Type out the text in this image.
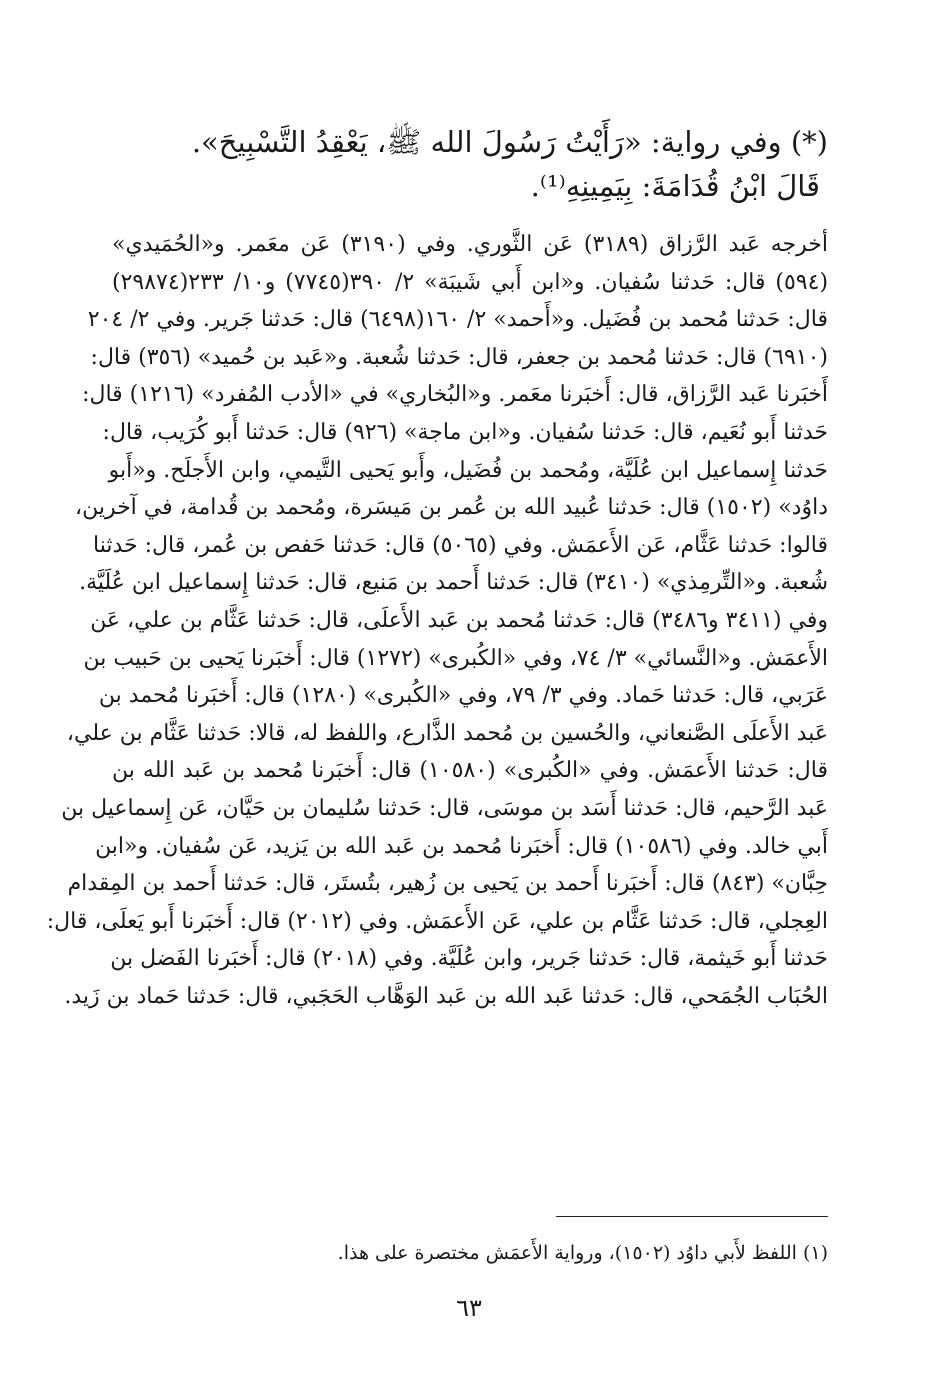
(*) وفي رواية: «رَأَيْتُ رَسُولَ الله ﷺ، يَعْقِدُ التَّسْبِيحَ».
قَالَ ابْنُ قُدَامَةَ: بِيَمِينِهِ⁽¹⁾.
أخرجه عَبد الرَّزاق (٣١٨٩) عَن الثَّوري. وفي (٣١٩٠) عَن معَمر. و«الحُمَيدي»
(٥٩٤) قال: حَدثنا سُفيان. و«ابن أَبي شَيبَة» ٢/ ٣٩٠(٧٧٤٥) و١٠/ ٢٣٣(٢٩٨٧٤)
قال: حَدثنا مُحمد بن فُضَيل. و«أَحمد» ٢/ ١٦٠(٦٤٩٨) قال: حَدثنا جَرير. وفي ٢/ ٢٠٤
(٦٩١٠) قال: حَدثنا مُحمد بن جعفر، قال: حَدثنا شُعبة. و«عَبد بن حُميد» (٣٥٦) قال:
أَخبَرنا عَبد الرَّزاق، قال: أَخبَرنا معَمر. و«البُخاري» في «الأدب المُفرد» (١٢١٦) قال:
حَدثنا أَبو نُعَيم، قال: حَدثنا سُفيان. و«ابن ماجة» (٩٢٦) قال: حَدثنا أَبو كُرَيب، قال:
حَدثنا إِسماعيل ابن عُلَيَّة، ومُحمد بن فُضَيل، وأَبو يَحيى التَّيمي، وابن الأَجلَح. و«أَبو
داوُد» (١٥٠٢) قال: حَدثنا عُبيد الله بن عُمر بن مَيسَرة، ومُحمد بن قُدامة، في آخرين،
قالوا: حَدثنا عَثَّام، عَن الأَعمَش. وفي (٥٠٦٥) قال: حَدثنا حَفص بن عُمر، قال: حَدثنا
شُعبة. و«التِّرمِذي» (٣٤١٠) قال: حَدثنا أَحمد بن مَنيع، قال: حَدثنا إِسماعيل ابن عُلَيَّة.
وفي (٣٤١١ و٣٤٨٦) قال: حَدثنا مُحمد بن عَبد الأَعلَى، قال: حَدثنا عَثَّام بن علي، عَن
الأَعمَش. و«النَّسائي» ٣/ ٧٤، وفي «الكُبرى» (١٢٧٢) قال: أَخبَرنا يَحيى بن حَبيب بن
عَرَبي، قال: حَدثنا حَماد. وفي ٣/ ٧٩، وفي «الكُبرى» (١٢٨٠) قال: أَخبَرنا مُحمد بن
عَبد الأَعلَى الصَّنعاني، والحُسين بن مُحمد الذَّارع، واللفظ له، قالا: حَدثنا عَثَّام بن علي،
قال: حَدثنا الأَعمَش. وفي «الكُبرى» (١٠٥٨٠) قال: أَخبَرنا مُحمد بن عَبد الله بن
عَبد الرَّحيم، قال: حَدثنا أَسَد بن موسَى، قال: حَدثنا سُليمان بن حَيَّان، عَن إِسماعيل بن
أَبي خالد. وفي (١٠٥٨٦) قال: أَخبَرنا مُحمد بن عَبد الله بن يَزيد، عَن سُفيان. و«ابن
حِبَّان» (٨٤٣) قال: أَخبَرنا أَحمد بن يَحيى بن زُهير، بتُستَر، قال: حَدثنا أَحمد بن المِقدام
العِجلي، قال: حَدثنا عَثَّام بن علي، عَن الأَعمَش. وفي (٢٠١٢) قال: أَخبَرنا أَبو يَعلَى، قال:
حَدثنا أَبو خَيثمة، قال: حَدثنا جَرير، وابن عُلَيَّة. وفي (٢٠١٨) قال: أَخبَرنا الفَضل بن
الحُبَاب الجُمَحي، قال: حَدثنا عَبد الله بن عَبد الوَهَّاب الحَجَبي، قال: حَدثنا حَماد بن زَيد.
(١) اللفظ لأَبي داوُد (١٥٠٢)، ورواية الأَعمَش مختصرة على هذا.
٦٣
